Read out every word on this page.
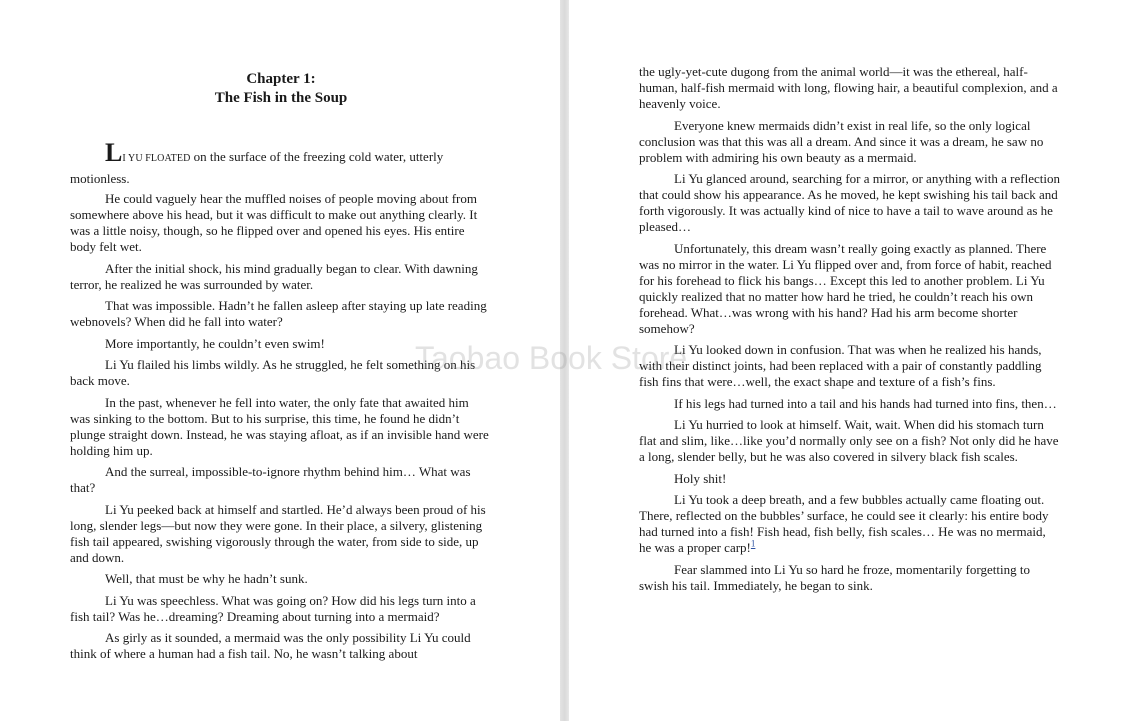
Chapter 1:
The Fish in the Soup

LI YU FLOATED on the surface of the freezing cold water, utterly motionless.

He could vaguely hear the muffled noises of people moving about from somewhere above his head, but it was difficult to make out anything clearly. It was a little noisy, though, so he flipped over and opened his eyes. His entire body felt wet.

After the initial shock, his mind gradually began to clear. With dawning terror, he realized he was surrounded by water.

That was impossible. Hadn’t he fallen asleep after staying up late reading webnovels? When did he fall into water?

More importantly, he couldn’t even swim!

Li Yu flailed his limbs wildly. As he struggled, he felt something on his back move.

In the past, whenever he fell into water, the only fate that awaited him was sinking to the bottom. But to his surprise, this time, he found he didn’t plunge straight down. Instead, he was staying afloat, as if an invisible hand were holding him up.

And the surreal, impossible-to-ignore rhythm behind him… What was that?

Li Yu peeked back at himself and startled. He’d always been proud of his long, slender legs—but now they were gone. In their place, a silvery, glistening fish tail appeared, swishing vigorously through the water, from side to side, up and down.

Well, that must be why he hadn’t sunk.

Li Yu was speechless. What was going on? How did his legs turn into a fish tail? Was he…dreaming? Dreaming about turning into a mermaid?

As girly as it sounded, a mermaid was the only possibility Li Yu could think of where a human had a fish tail. No, he wasn’t talking about

the ugly-yet-cute dugong from the animal world—it was the ethereal, half-human, half-fish mermaid with long, flowing hair, a beautiful complexion, and a heavenly voice.

Everyone knew mermaids didn’t exist in real life, so the only logical conclusion was that this was all a dream. And since it was a dream, he saw no problem with admiring his own beauty as a mermaid.

Li Yu glanced around, searching for a mirror, or anything with a reflection that could show his appearance. As he moved, he kept swishing his tail back and forth vigorously. It was actually kind of nice to have a tail to wave around as he pleased…

Unfortunately, this dream wasn’t really going exactly as planned. There was no mirror in the water. Li Yu flipped over and, from force of habit, reached for his forehead to flick his bangs… Except this led to another problem. Li Yu quickly realized that no matter how hard he tried, he couldn’t reach his own forehead. What…was wrong with his hand? Had his arm become shorter somehow?

Li Yu looked down in confusion. That was when he realized his hands, with their distinct joints, had been replaced with a pair of constantly paddling fish fins that were…well, the exact shape and texture of a fish’s fins.

If his legs had turned into a tail and his hands had turned into fins, then…

Li Yu hurried to look at himself. Wait, wait. When did his stomach turn flat and slim, like…like you’d normally only see on a fish? Not only did he have a long, slender belly, but he was also covered in silvery black fish scales.

Holy shit!

Li Yu took a deep breath, and a few bubbles actually came floating out. There, reflected on the bubbles’ surface, he could see it clearly: his entire body had turned into a fish! Fish head, fish belly, fish scales… He was no mermaid, he was a proper carp!$^1$

Fear slammed into Li Yu so hard he froze, momentarily forgetting to swish his tail. Immediately, he began to sink.

Taobao Book Store
